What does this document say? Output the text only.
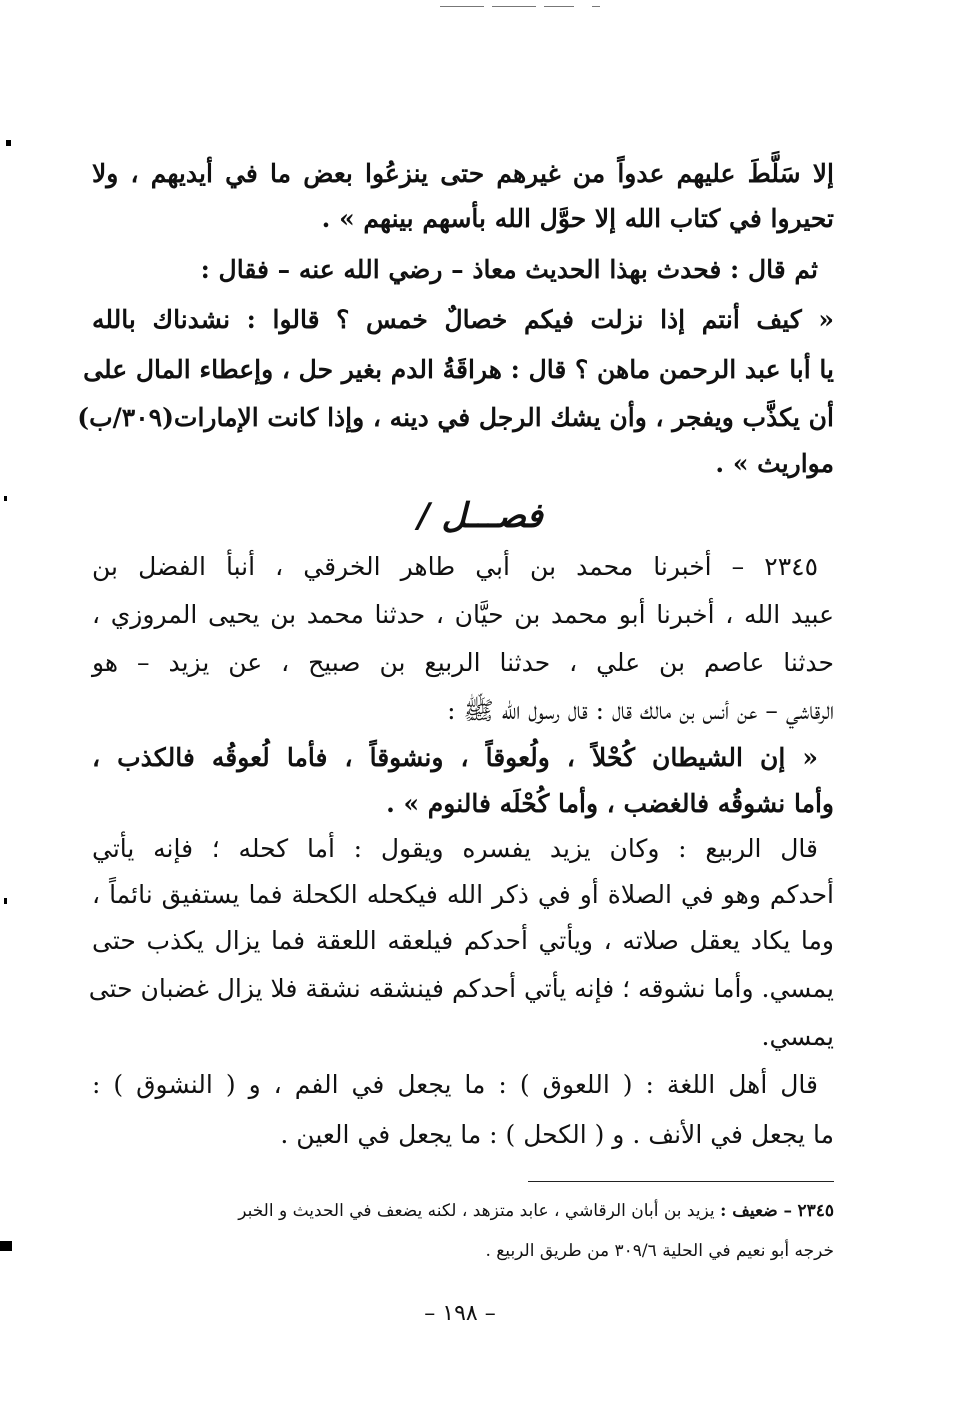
إلا سَلَّطَ عليهم عدواً من غيرهم حتى ينزعُوا بعض ما في أيديهم ، ولا
تحيروا في كتاب الله إلا حوَّل الله بأسهم بينهم » .
ثم قال : فحدث بهذا الحديث معاذ – رضي الله عنه – فقال :
« كيف أنتم إذا نزلت فيكم خصالٌ خمس ؟ قالوا : نشدناك بالله
يا أبا عبد الرحمن ماهن ؟ قال : هراقَةُ الدم بغير حل ، وإعطاء المال على
أن يكذَّب ويفجر ، وأن يشك الرجل في دينه ، وإذا كانت الإمارات(٣٠٩/ب)
مواريث » .
فصـــل /
٢٣٤٥ – أخبرنا محمد بن أبي طاهر الخرقي ، أنبأ الفضل بن
عبيد الله ، أخبرنا أبو محمد بن حيَّان ، حدثنا محمد بن يحيى المروزي ،
حدثنا عاصم بن علي ، حدثنا الربيع بن صبيح ، عن يزيد – هو
الرقاشي – عن أنس بن مالك قال : قال رسول الله ﷺ :
« إن الشيطان كُحْلاً ، ولُعوقاً ، ونشوقاً ، فأما لُعوقُه فالكذب ،
وأما نشوقُه فالغضب ، وأما كُحْلَه فالنوم » .
قال الربيع : وكان يزيد يفسره ويقول : أما كحله ؛ فإنه يأتي
أحدكم وهو في الصلاة أو في ذكر الله فيكحله الكحلة فما يستفيق نائماً ،
وما يكاد يعقل صلاته ، ويأتي أحدكم فيلعقه اللعقة فما يزال يكذب حتى
يمسي. وأما نشوقه ؛ فإنه يأتي أحدكم فينشقه نشقة فلا يزال غضبان حتى
يمسي.
قال أهل اللغة : ( اللعوق ) : ما يجعل في الفم ، و ( النشوق ) :
ما يجعل في الأنف . و ( الكحل ) : ما يجعل في العين .
٢٣٤٥ – ضعيف : يزيد بن أبان الرقاشي ، عابد متزهد ، لكنه يضعف في الحديث و الخبر
خرجه أبو نعيم في الحلية ٣٠٩/٦ من طريق الربيع .
– ١٩٨ –
